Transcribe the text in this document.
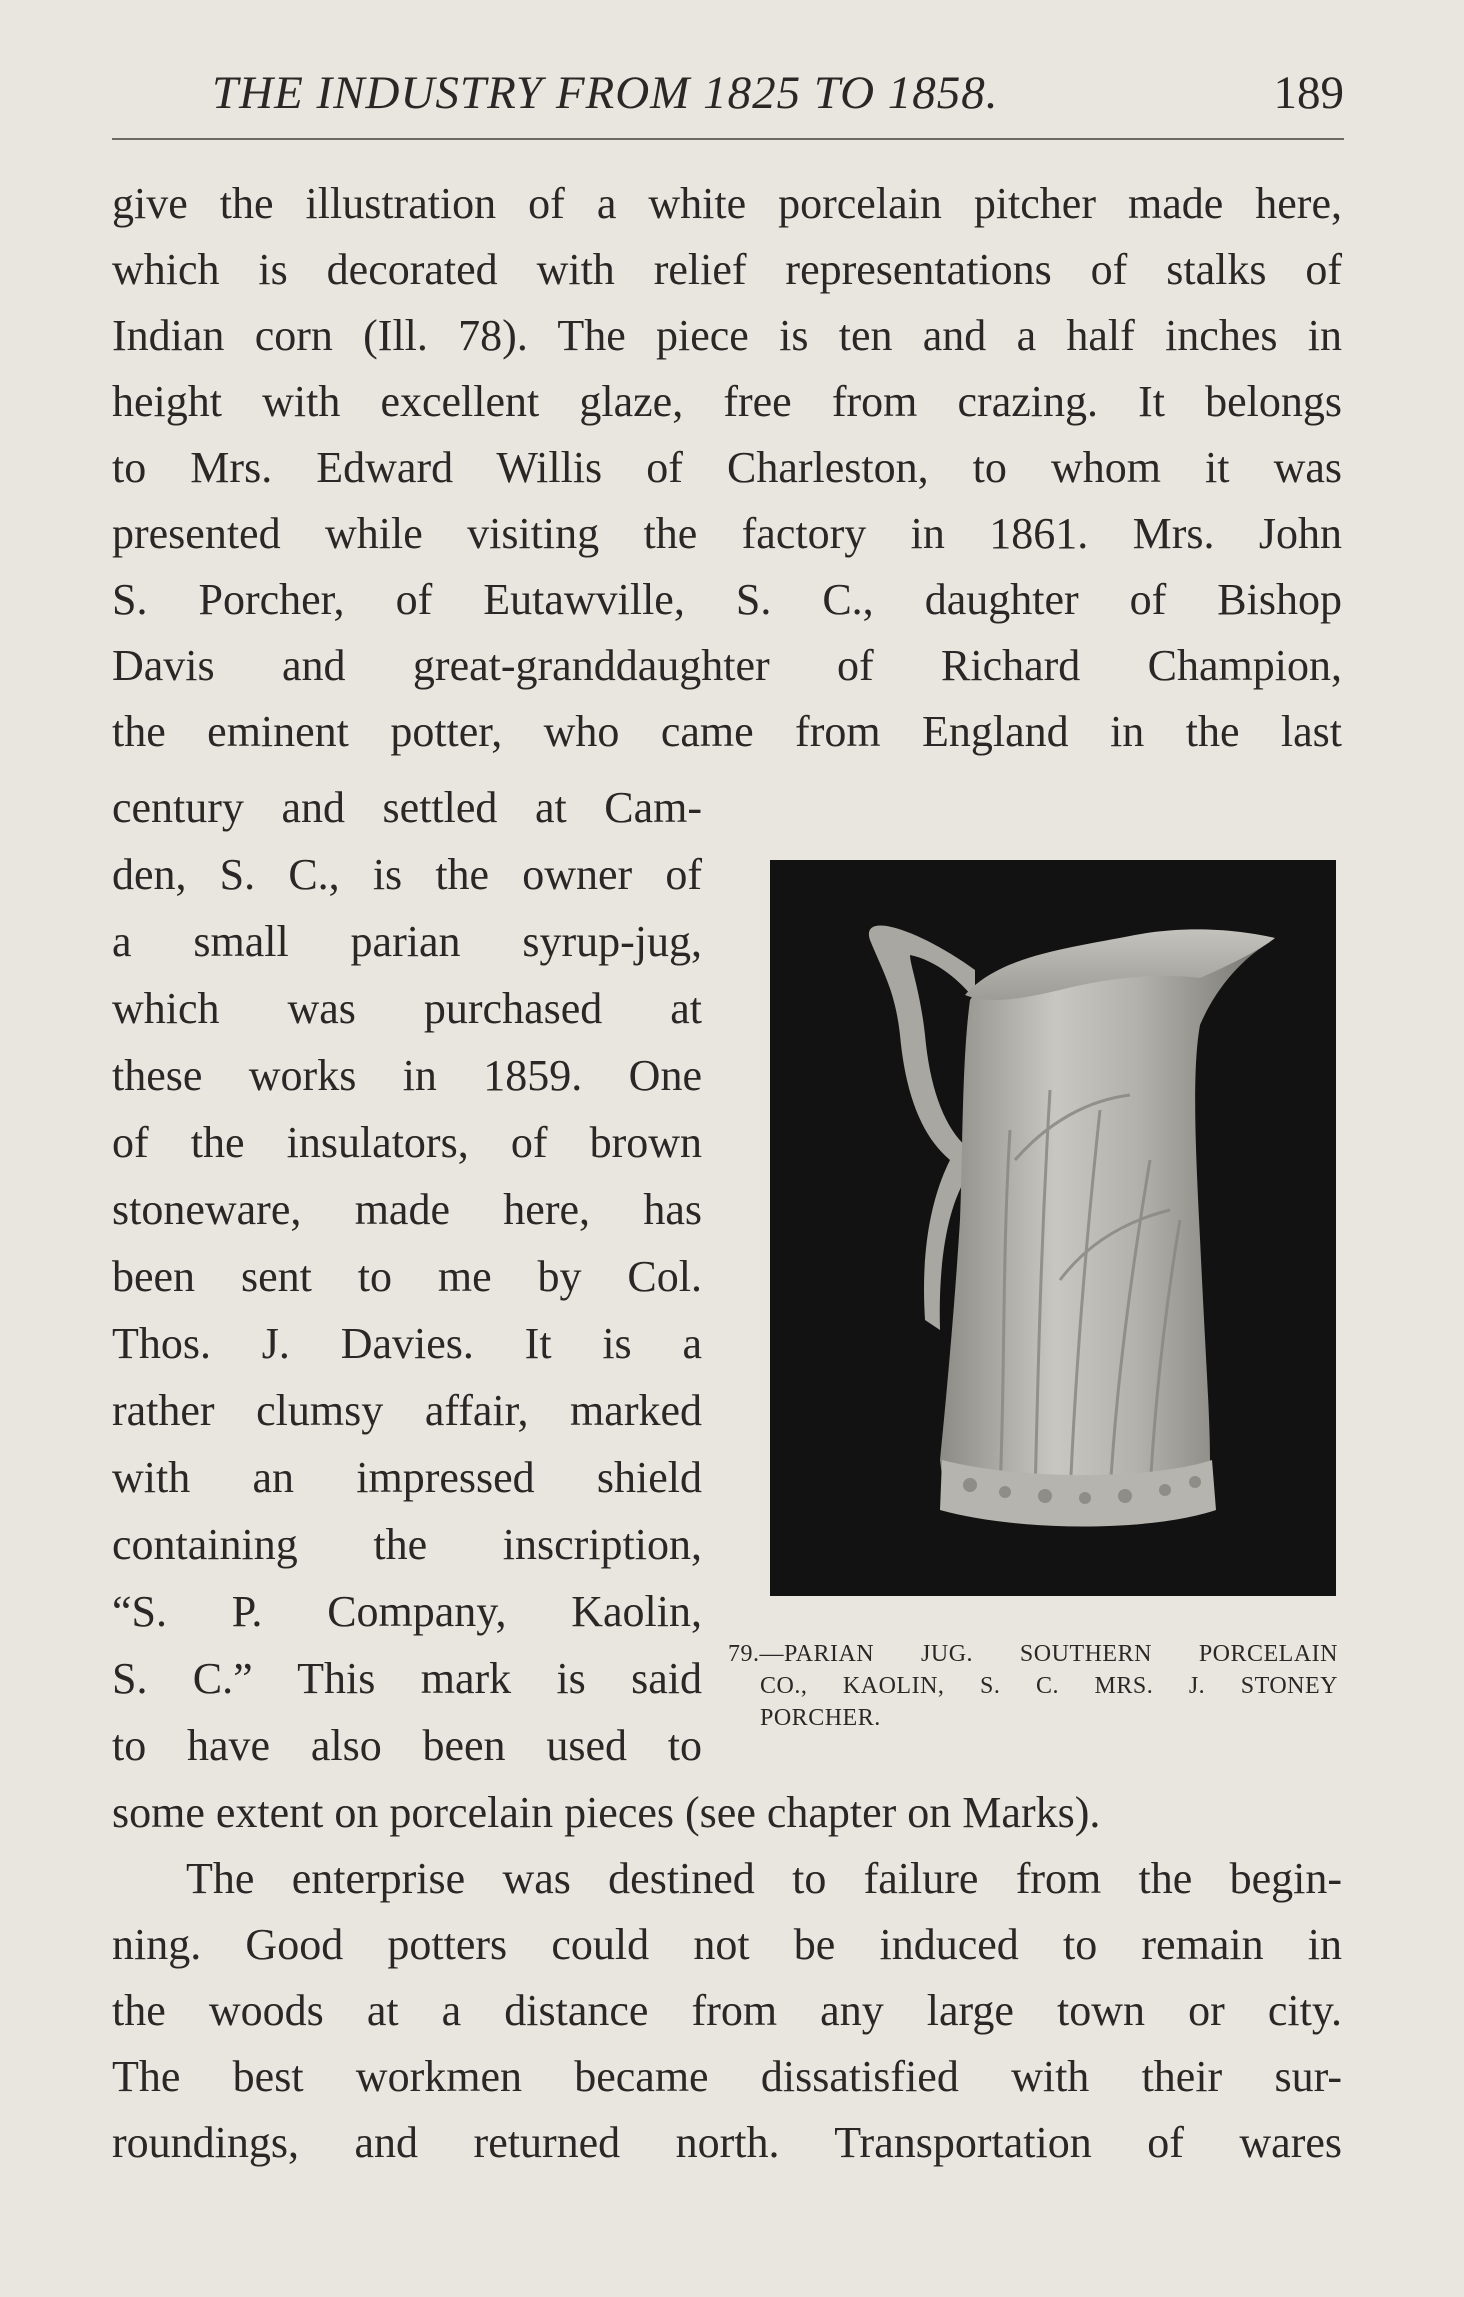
THE INDUSTRY FROM 1825 TO 1858.	189
give the illustration of a white porcelain pitcher made here,
which is decorated with relief representations of stalks of
Indian corn (Ill. 78). The piece is ten and a half inches in
height with excellent glaze, free from crazing. It belongs
to Mrs. Edward Willis of Charleston, to whom it was
presented while visiting the factory in 1861. Mrs. John
S. Porcher, of Eutawville, S. C., daughter of Bishop
Davis and great-granddaughter of Richard Champion,
the eminent potter, who came from England in the last
century and settled at Cam-
den, S. C., is the owner of
a small parian syrup-jug,
which was purchased at
these works in 1859. One
of the insulators, of brown
stoneware, made here, has
been sent to me by Col.
Thos. J. Davies. It is a
rather clumsy affair, marked
with an impressed shield
containing the inscription,
“S. P. Company, Kaolin,
S. C.” This mark is said
to have also been used to
some extent on porcelain pieces (see chapter on Marks).
The enterprise was destined to failure from the begin-
ning. Good potters could not be induced to remain in
the woods at a distance from any large town or city.
The best workmen became dissatisfied with their sur-
roundings, and returned north. Transportation of wares
79.—PARIAN JUG. SOUTHERN PORCELAIN
CO., KAOLIN, S. C. MRS. J. STONEY
PORCHER.
